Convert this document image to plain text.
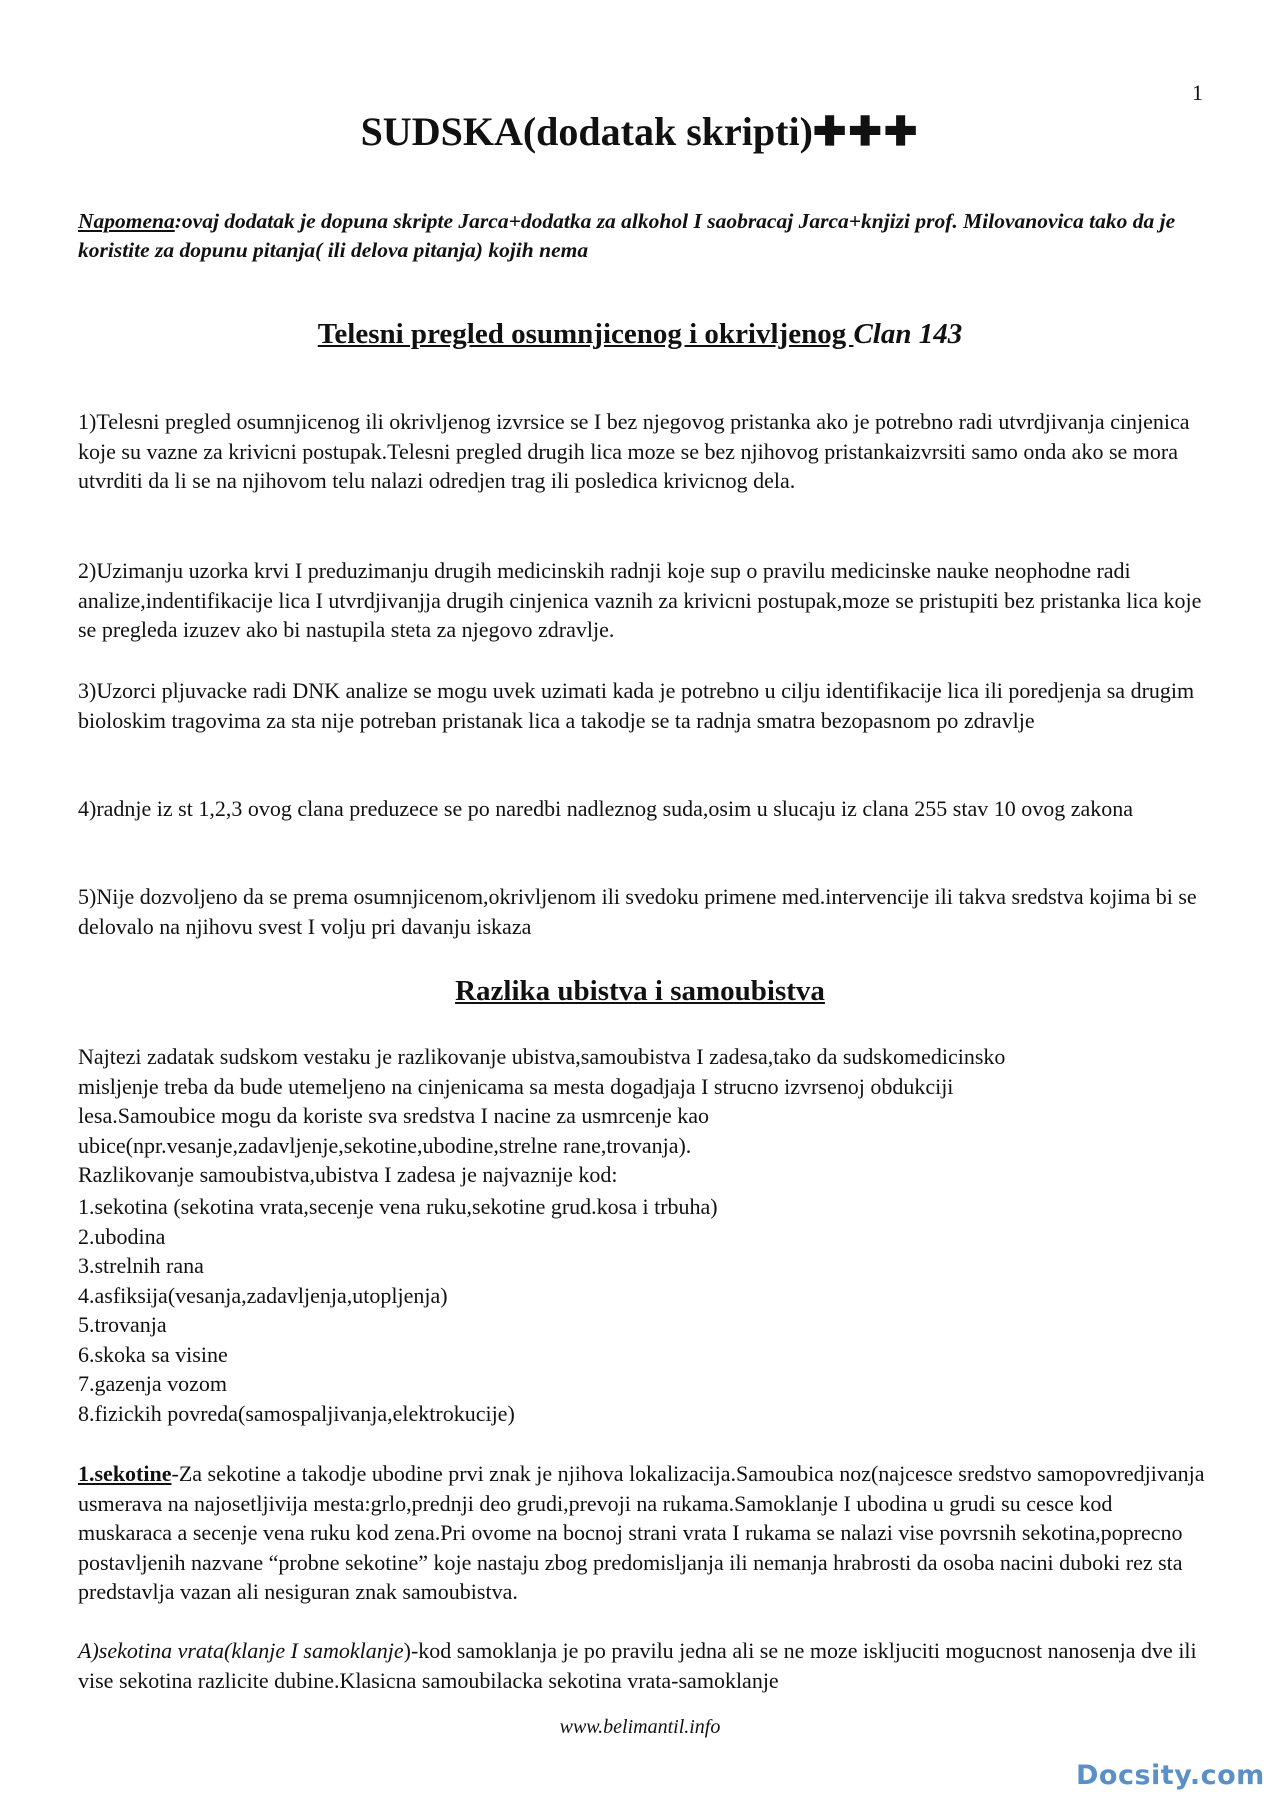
1
SUDSKA(dodatak skripti)✚✚✚
Napomena:ovaj dodatak je dopuna skripte Jarca+dodatka za alkohol I saobracaj Jarca+knjizi prof. Milovanovica tako da je koristite za dopunu pitanja( ili delova pitanja) kojih nema
Telesni pregled osumnjicenog i okrivljenog Clan 143
1)Telesni pregled osumnjicenog ili okrivljenog izvrsice se I bez njegovog pristanka ako je potrebno radi utvrdjivanja cinjenica koje su vazne za krivicni postupak.Telesni pregled drugih lica moze se bez njihovog pristankaizvrsiti samo onda ako se mora utvrditi da li se na njihovom telu nalazi odredjen trag ili posledica krivicnog dela.
2)Uzimanju uzorka krvi I preduzimanju drugih medicinskih radnji koje sup o pravilu medicinske nauke neophodne radi analize,indentifikacije lica I utvrdjivanjja drugih cinjenica vaznih za krivicni postupak,moze se pristupiti bez pristanka lica koje se pregleda izuzev ako bi nastupila steta za njegovo zdravlje.
3)Uzorci pljuvacke radi DNK analize se mogu uvek uzimati kada je potrebno u cilju identifikacije lica ili poredjenja sa drugim bioloskim tragovima za sta nije potreban pristanak lica a takodje se ta radnja smatra bezopasnom po zdravlje
4)radnje iz st 1,2,3 ovog clana preduzece se po naredbi nadleznog suda,osim u slucaju iz clana 255 stav 10 ovog zakona
5)Nije dozvoljeno da se prema osumnjicenom,okrivljenom ili svedoku primene med.intervencije ili takva sredstva kojima bi se delovalo na njihovu svest I volju pri davanju iskaza
Razlika ubistva i samoubistva
Najtezi zadatak sudskom vestaku je razlikovanje ubistva,samoubistva I zadesa,tako da sudskomedicinsko
misljenje treba da bude utemeljeno na cinjenicama sa mesta dogadjaja I strucno izvrsenoj obdukciji
lesa.Samoubice mogu da koriste sva sredstva I nacine za usmrcenje kao
ubice(npr.vesanje,zadavljenje,sekotine,ubodine,strelne rane,trovanja).
Razlikovanje samoubistva,ubistva I zadesa je najvaznije kod:
1.sekotina (sekotina vrata,secenje vena ruku,sekotine grud.kosa i trbuha)
2.ubodina
3.strelnih rana
4.asfiksija(vesanja,zadavljenja,utopljenja)
5.trovanja
6.skoka sa visine
7.gazenja vozom
8.fizickih povreda(samospaljivanja,elektrokucije)
1.sekotine-Za sekotine a takodje ubodine prvi znak je njihova lokalizacija.Samoubica noz(najcesce sredstvo samopovredjivanja usmerava na najosetljivija mesta:grlo,prednji deo grudi,prevoji na rukama.Samoklanje I ubodina u grudi su cesce kod muskaraca a secenje vena ruku kod zena.Pri ovome na bocnoj strani vrata I rukama se nalazi vise povrsnih sekotina,poprecno postavljenih nazvane “probne sekotine” koje nastaju zbog predomisljanja ili nemanja hrabrosti da osoba nacini duboki rez sta predstavlja vazan ali nesiguran znak samoubistva.
A)sekotina vrata(klanje I samoklanje)-kod samoklanja je po pravilu jedna ali se ne moze iskljuciti mogucnost nanosenja dve ili vise sekotina razlicite dubine.Klasicna samoubilacka sekotina vrata-samoklanje
www.belimantil.info
Docsity.com
